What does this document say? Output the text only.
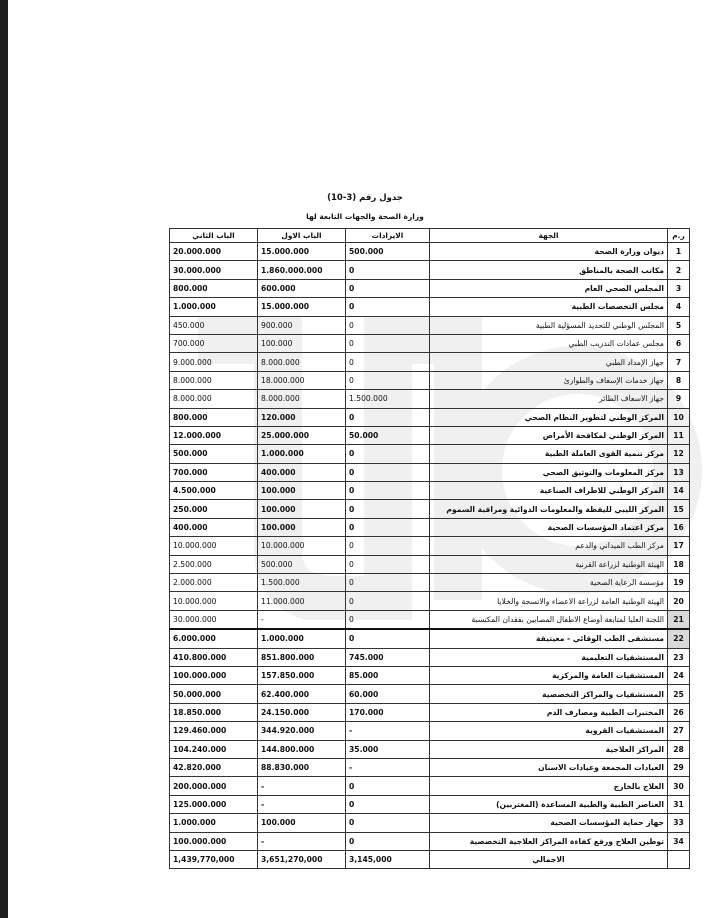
جدول رقم (3-10)
وزارة الصحة والجهات التابعة لها
ر.م	الجهة	الايرادات	الباب الاول	الباب الثاني
1	ديوان وزارة الصحة	500.000	15.000.000	20.000.000
2	مكاتب الصحة بالمناطق	0	1.860.000.000	30.000.000
3	المجلس الصحي العام	0	600.000	800.000
4	مجلس التخصصات الطبية	0	15.000.000	1.000.000
5	المجلس الوطني للتحديد المسؤلية الطبية	0	900.000	450.000
6	مجلس عمادات التدريب الطبي	0	100.000	700.000
7	جهاز الإمداد الطبي	0	8.000.000	9.000.000
8	جهاز خدمات الإسعاف والطوارئ	0	18.000.000	8.000.000
9	جهاز الاسعاف الطائر	1.500.000	8.000.000	8.000.000
10	المركز الوطني لتطوير النظام الصحي	0	120.000	800.000
11	المركز الوطني لمكافحة الأمراض	50.000	25.000.000	12.000.000
12	مركز تنمية القوى العاملة الطبية	0	1.000.000	500.000
13	مركز المعلومات والتوثيق الصحي	0	400.000	700.000
14	المركز الوطني للاطراف الصناعية	0	100.000	4.500.000
15	المركز الليبي لليقظة والمعلومات الدوائية ومراقبة السموم	0	100.000	250.000
16	مركز اعتماد المؤسسات الصحية	0	100.000	400.000
17	مركز الطب الميداني والدعم	0	10.000.000	10.000.000
18	الهيئة الوطنية لزراعة القرنية	0	500.000	2.500.000
19	مؤسسة الرعاية الصحية	0	1.500.000	2.000.000
20	الهيئة الوطنية العامة لزراعة الاعضاء والانسجة والخلايا	0	11.000.000	10.000.000
21	اللجنة العليا لمتابعة أوضاع الاطفال المصابين بفقدان المكتسبة	0	-	30.000.000
22	مستشفى الطب الوقائي - معيتيقة	0	1.000.000	6.000.000
23	المستشفيات التعليمية	745.000	851.800.000	410.800.000
24	المستشفيات العامة والمركزية	85.000	157.850.000	100.000.000
25	المستشفيات والمراكز التخصصية	60.000	62.400.000	50.000.000
26	المختبرات الطبية ومصارف الدم	170.000	24.150.000	18.850.000
27	المستشفيات القروية	-	344.920.000	129.460.000
28	المراكز العلاجية	35.000	144.800.000	104.240.000
29	العيادات المجمعة وعيادات الاسنان	-	88.830.000	42.820.000
30	العلاج بالخارج	0	-	200.000.000
31	العناصر الطبية والطبية المساعدة (المغتربين)	0	-	125.000.000
33	جهاز حماية المؤسسات الصحية	0	100.000	1.000.000
34	توطين العلاج ورفع كفاءة المراكز العلاجية التخصصية	0	-	100.000.000
	الاجمالي	3,145,000	3,651,270,000	1,439,770,000
